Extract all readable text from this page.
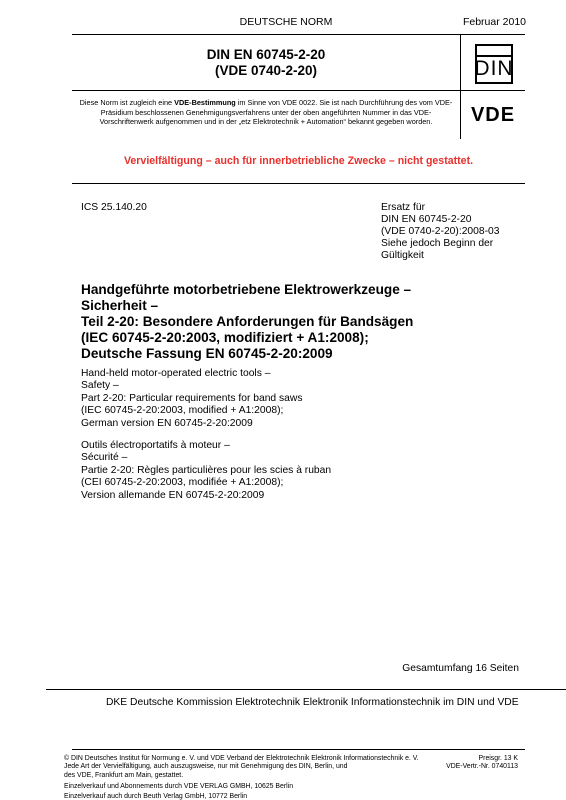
DEUTSCHE NORM	Februar 2010
DIN EN 60745-2-20
(VDE 0740-2-20)	DIN
Diese Norm ist zugleich eine VDE-Bestimmung im Sinne von VDE 0022. Sie ist nach Durchführung des vom VDE-Präsidium beschlossenen Genehmigungsverfahrens unter der oben angeführten Nummer in das VDE-Vorschriftenwerk aufgenommen und in der „etz Elektrotechnik + Automation“ bekannt gegeben worden.	VDE
Vervielfältigung – auch für innerbetriebliche Zwecke – nicht gestattet.
ICS 25.140.20	Ersatz für
DIN EN 60745-2-20
(VDE 0740-2-20):2008-03
Siehe jedoch Beginn der Gültigkeit
Handgeführte motorbetriebene Elektrowerkzeuge –
Sicherheit –
Teil 2-20: Besondere Anforderungen für Bandsägen
(IEC 60745-2-20:2003, modifiziert + A1:2008);
Deutsche Fassung EN 60745-2-20:2009
Hand-held motor-operated electric tools –
Safety –
Part 2-20: Particular requirements for band saws
(IEC 60745-2-20:2003, modified + A1:2008);
German version EN 60745-2-20:2009
Outils électroportatifs à moteur –
Sécurité –
Partie 2-20: Règles particulières pour les scies à ruban
(CEI 60745-2-20:2003, modifiée + A1:2008);
Version allemande EN 60745-2-20:2009
Gesamtumfang 16 Seiten
DKE Deutsche Kommission Elektrotechnik Elektronik Informationstechnik im DIN und VDE
© DIN Deutsches Institut für Normung e. V. und VDE Verband der Elektrotechnik Elektronik Informationstechnik e. V.
Jede Art der Vervielfältigung, auch auszugsweise, nur mit Genehmigung des DIN, Berlin, und
des VDE, Frankfurt am Main, gestattet.
Preisgr. 13 K
VDE-Vertr.-Nr. 0740113
Einzelverkauf und Abonnements durch VDE VERLAG GMBH, 10625 Berlin
Einzelverkauf auch durch Beuth Verlag GmbH, 10772 Berlin
